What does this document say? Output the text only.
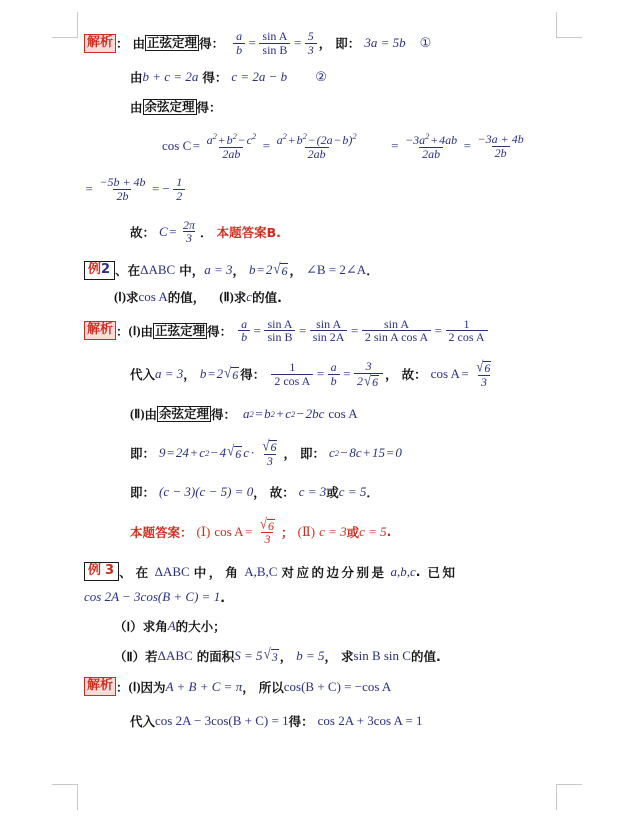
解析 ： 由 正弦定理 得： $\frac{a}{b} = \frac{\text{sin A}}{\text{sin B}} = \frac{5}{3}$ ， 即： 3a = 5b ①
由 b + c = 2a 得： c = 2a − b ②
由 余弦定理 得：
$\cos C = \frac{a^2 + b^2 - c^2}{2ab} = \frac{a^2 + b^2 - (2a - b)^2}{2ab} = \frac{-3a^2 + 4ab}{2ab} = \frac{-3a + 4b}{2b}$
= $\frac{-5b + 4b}{2b}$ = − $\frac{1}{2}$
故： $C = \frac{2\pi}{3}$ ． 本题答案B.
例2 、 在 ΔABC 中， a = 3 ， b = 2 √ 6 ， ∠B = 2∠A ．
(Ⅰ) 求 cos A 的值， (Ⅱ) 求 c 的值.
解析 ： (Ⅰ) 由 正弦定理 得： $\frac{a}{b} = \frac{\text{sin A}}{\text{sin B}} = \frac{\text{sin A}}{\sin 2A} = \frac{\text{sin A}}{\text{2 sin A cos A}} = \frac{1}{\text{2 cos A}}$
代入 a = 3 ， b = 2 √ 6 得： $\frac{1}{\text{2 cos A}} = \frac{a}{b} = \frac{3}{2 √ 6}$ ， 故： $\cos A = \frac{√ 6}{3}$
(Ⅱ) 由 余弦定理 得： a 2 = b 2 + c 2 − 2bc cos A
即： 9 = 24 + c 2 − 4 √ 6 $c \cdot \frac{√ 6}{3}$ ， 即： c 2 − 8c + 15 = 0
即： (c − 3)(c − 5) = 0 ， 故： c = 3 或 c = 5 ．
本题答案： (Ⅰ) $\cos A = \frac{√ 6}{3}$ ； (Ⅱ) c = 3 或 c = 5 .
例 3 、 在 ΔABC 中 ， 角 A,B,C 对应的边分别是 a,b,c . 已知
cos 2A − 3cos(B + C) = 1 .
（Ⅰ） 求角 A 的大小；
（Ⅱ） 若 ΔABC 的面积 S = 5 √ 3 ， b = 5 ， 求 sin B sin C 的值.
解析 ： (Ⅰ) 因为 A + B + C = π ， 所以 cos(B + C) = −cos A
代入 cos 2A − 3cos(B + C) = 1 得： cos 2A + 3cos A = 1
